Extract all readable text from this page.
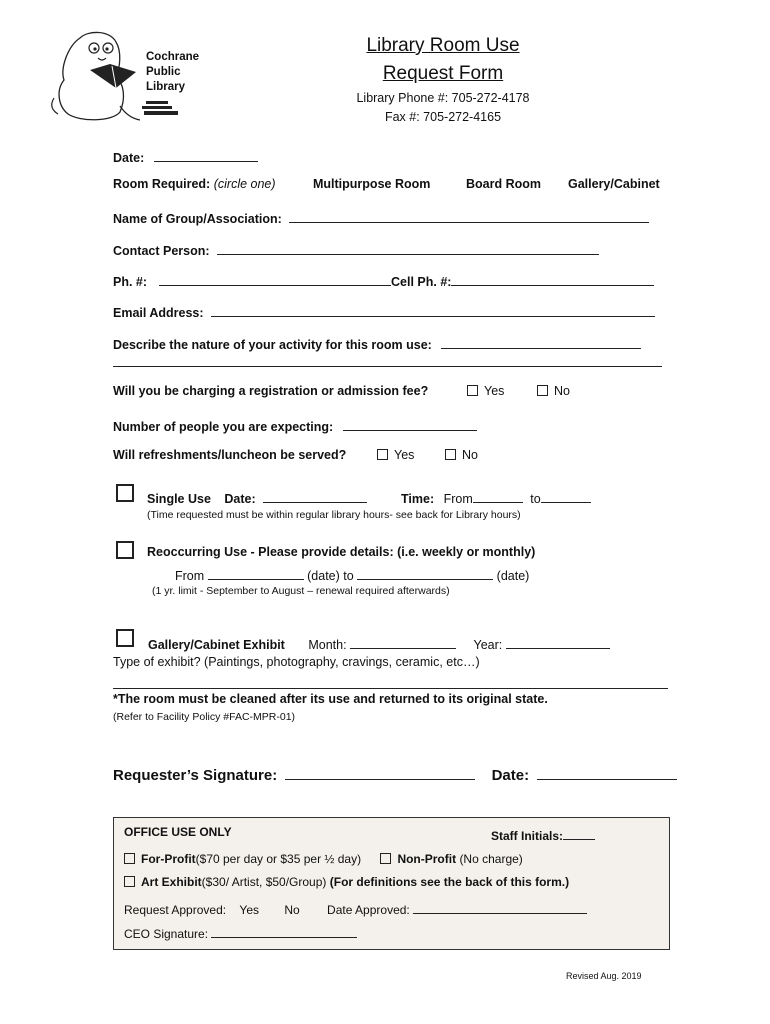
Cochrane
Public
Library
Library Room Use
Request Form
Library Phone #: 705-272-4178
Fax #: 705-272-4165
Date:
Room Required: (circle one)	Multipurpose Room	Board Room Gallery/Cabinet
Name of Group/Association:
Contact Person:
Ph. #:	Cell Ph. #:
Email Address:
Describe the nature of your activity for this room use:
Will you be charging a registration or admission fee?	Yes	No
Number of people you are expecting:
Will refreshments/luncheon be served?	Yes	No
Single Use Date:	Time: From	to
(Time requested must be within regular library hours- see back for Library hours)
Reoccurring Use - Please provide details: (i.e. weekly or monthly)
From	(date) to	(date)
(1 yr. limit - September to August – renewal required afterwards)
Gallery/Cabinet Exhibit Month:	Year:
Type of exhibit? (Paintings, photography, cravings, ceramic, etc…)
*The room must be cleaned after its use and returned to its original state.
(Refer to Facility Policy #FAC-MPR-01)
Requester’s Signature:	Date:
OFFICE USE ONLY	Staff Initials:
For-Profit($70 per day or $35 per ½ day)	Non-Profit (No charge)
Art Exhibit($30/ Artist, $50/Group) (For definitions see the back of this form.)
Request Approved: Yes No Date Approved:
CEO Signature:
Revised Aug. 2019
